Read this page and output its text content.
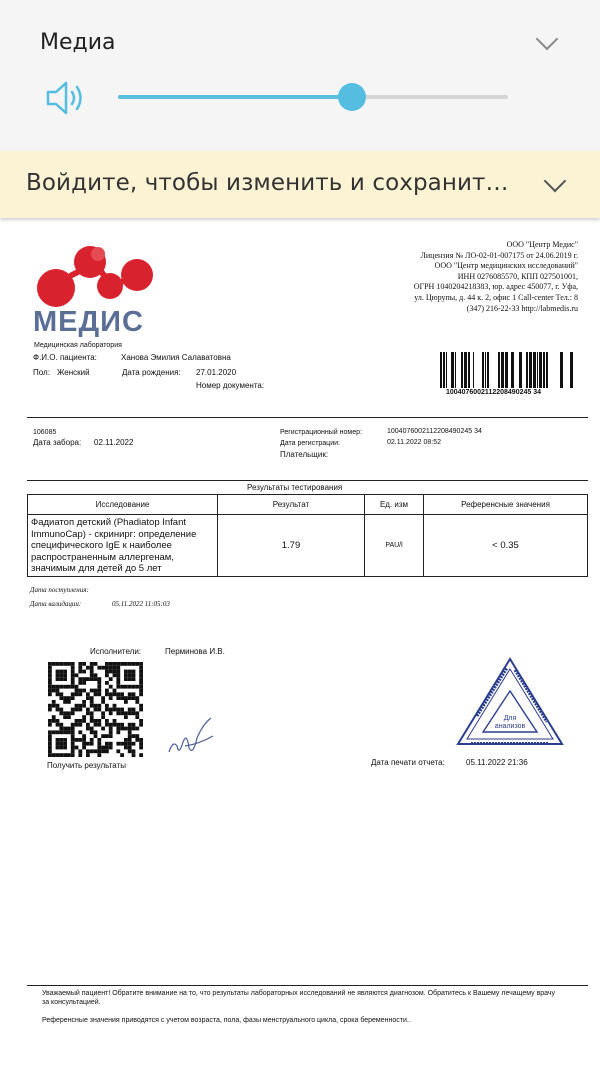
Медиа
Войдите, чтобы изменить и сохранит…
МЕДИС
Медицинская лаборатория
ООО "Центр Медис"
Лицензия № ЛО-02-01-007175 от 24.06.2019 г.
ООО "Центр медицинских исследований"
ИНН 0276085570, КПП 027501001,
ОГРН 1040204218383, юр. адрес 450077, г. Уфа,
ул. Цюрупы, д. 44 к. 2, офис 1 Call-center Тел.: 8
(347) 216-22-33 http://labmedis.ru
Ф.И.О. пациента:	Ханова Эмилия Салаватовна
Пол: Женский	Дата рождения: 27.01.2020
Номер документа:
1004076002112208490245 34
106085
Дата забора: 02.11.2022
Регистрационный номер:	1004076002112208490245 34
Дата регистрации:	02.11.2022 08:52
Плательщик:
Результаты тестирования
Исследование	Результат	Ед. изм	Референсные значения
Фадиатоп детский (Phadiatop Infant ImmunoCap) - скринирг: определение специфического IgE к наиболее распространенным аллергенам, значимым для детей до 5 лет	1.79	PAU/l	< 0.35
Дата поступления:
Дата валидации:	05.11.2022 11:05:03
Исполнители:	Перминова И.В.
Получить результаты
Для
анализов
Дата печати отчета:	05.11.2022 21:36
Уважаемый пациент! Обратите внимание на то, что результаты лабораторных исследований не являются диагнозом. Обратитесь к Вашему лечащему врачу за консультацией.
Референсные значения приводятся с учетом возраста, пола, фазы менструального цикла, срока беременности..
